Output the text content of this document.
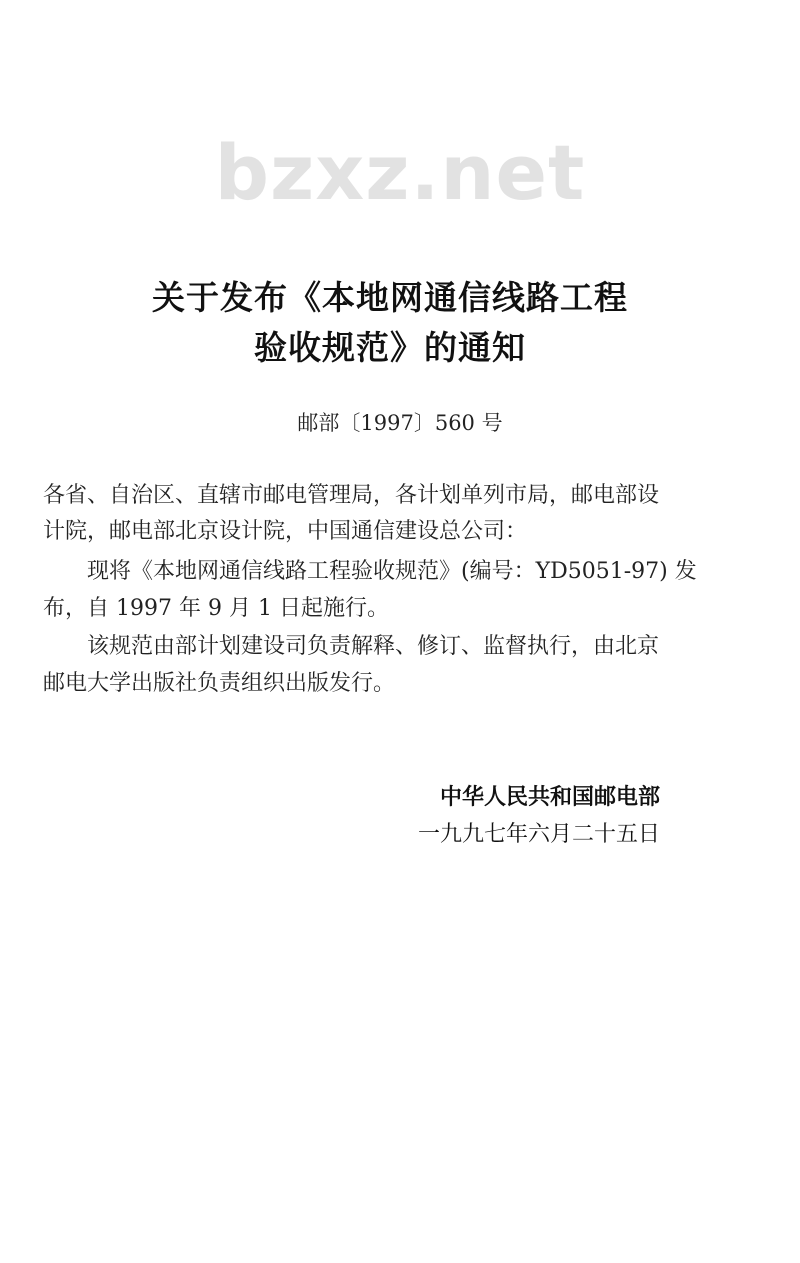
bzxz.net
关于发布《本地网通信线路工程
验收规范》的通知
邮部〔1997〕560 号
各省、自治区、直辖市邮电管理局，各计划单列市局，邮电部设
计院，邮电部北京设计院，中国通信建设总公司：
现将《本地网通信线路工程验收规范》(编号：YD5051-97) 发
布，自 1997 年 9 月 1 日起施行。
该规范由部计划建设司负责解释、修订、监督执行，由北京
邮电大学出版社负责组织出版发行。
中华人民共和国邮电部
一九九七年六月二十五日
